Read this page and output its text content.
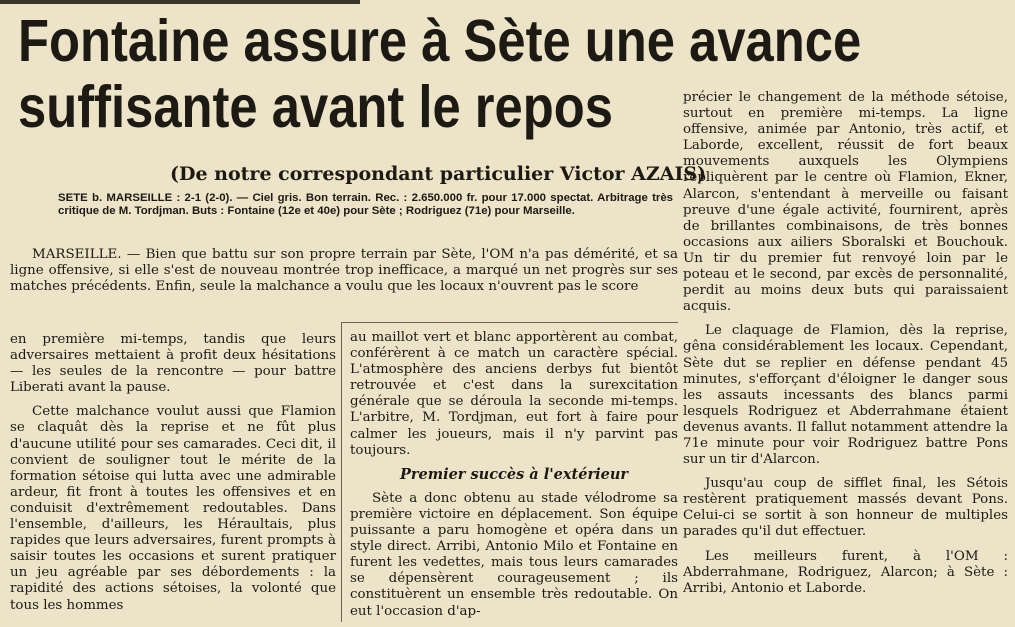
Fontaine assure à Sète une avance
suffisante avant le repos
(De notre correspondant particulier Victor AZAIS)

SETE b. MARSEILLE : 2-1 (2-0). — Ciel gris. Bon terrain. Rec. : 2.650.000 fr. pour 17.000 spectat. Arbitrage très critique de M. Tordjman. Buts : Fontaine (12e et 40e) pour Sète ; Rodriguez (71e) pour Marseille.

MARSEILLE. — Bien que battu sur son propre terrain par Sète, l'OM n'a pas démérité, et sa ligne offensive, si elle s'est de nouveau montrée trop inefficace, a marqué un net progrès sur ses matches précédents. Enfin, seule la malchance a voulu que les locaux n'ouvrent pas le score

en première mi-temps, tandis que leurs adversaires mettaient à profit deux hésitations — les seules de la rencontre — pour battre Liberati avant la pause.

Cette malchance voulut aussi que Flamion se claquât dès la reprise et ne fût plus d'aucune utilité pour ses camarades. Ceci dit, il convient de souligner tout le mérite de la formation sétoise qui lutta avec une admirable ardeur, fit front à toutes les offensives et en conduisit d'extrêmement redoutables. Dans l'ensemble, d'ailleurs, les Héraultais, plus rapides que leurs adversaires, furent prompts à saisir toutes les occasions et surent pratiquer un jeu agréable par ses débordements : la rapidité des actions sétoises, la volonté que tous les hommes

au maillot vert et blanc apportèrent au combat, conférèrent à ce match un caractère spécial. L'atmosphère des anciens derbys fut bientôt retrouvée et c'est dans la surexcitation générale que se déroula la seconde mi-temps. L'arbitre, M. Tordjman, eut fort à faire pour calmer les joueurs, mais il n'y parvint pas toujours.

Premier succès à l'extérieur

Sète a donc obtenu au stade vélodrome sa première victoire en déplacement. Son équipe puissante a paru homogène et opéra dans un style direct. Arribi, Antonio Milo et Fontaine en furent les vedettes, mais tous leurs camarades se dépensèrent courageusement ; ils constituèrent un ensemble très redoutable. On eut l'occasion d'ap-

précier le changement de la méthode sétoise, surtout en première mi-temps. La ligne offensive, animée par Antonio, très actif, et Laborde, excellent, réussit de fort beaux mouvements auxquels les Olympiens répliquèrent par le centre où Flamion, Ekner, Alarcon, s'entendant à merveille ou faisant preuve d'une égale activité, fournirent, après de brillantes combinaisons, de très bonnes occasions aux ailiers Sboralski et Bouchouk. Un tir du premier fut renvoyé loin par le poteau et le second, par excès de personnalité, perdit au moins deux buts qui paraissaient acquis.

Le claquage de Flamion, dès la reprise, gêna considérablement les locaux. Cependant, Sète dut se replier en défense pendant 45 minutes, s'efforçant d'éloigner le danger sous les assauts incessants des blancs parmi lesquels Rodriguez et Abderrahmane étaient devenus avants. Il fallut notamment attendre la 71e minute pour voir Rodriguez battre Pons sur un tir d'Alarcon.

Jusqu'au coup de sifflet final, les Sétois restèrent pratiquement massés devant Pons. Celui-ci se sortit à son honneur de multiples parades qu'il dut effectuer.

Les meilleurs furent, à l'OM : Abderrahmane, Rodriguez, Alarcon; à Sète : Arribi, Antonio et Laborde.
